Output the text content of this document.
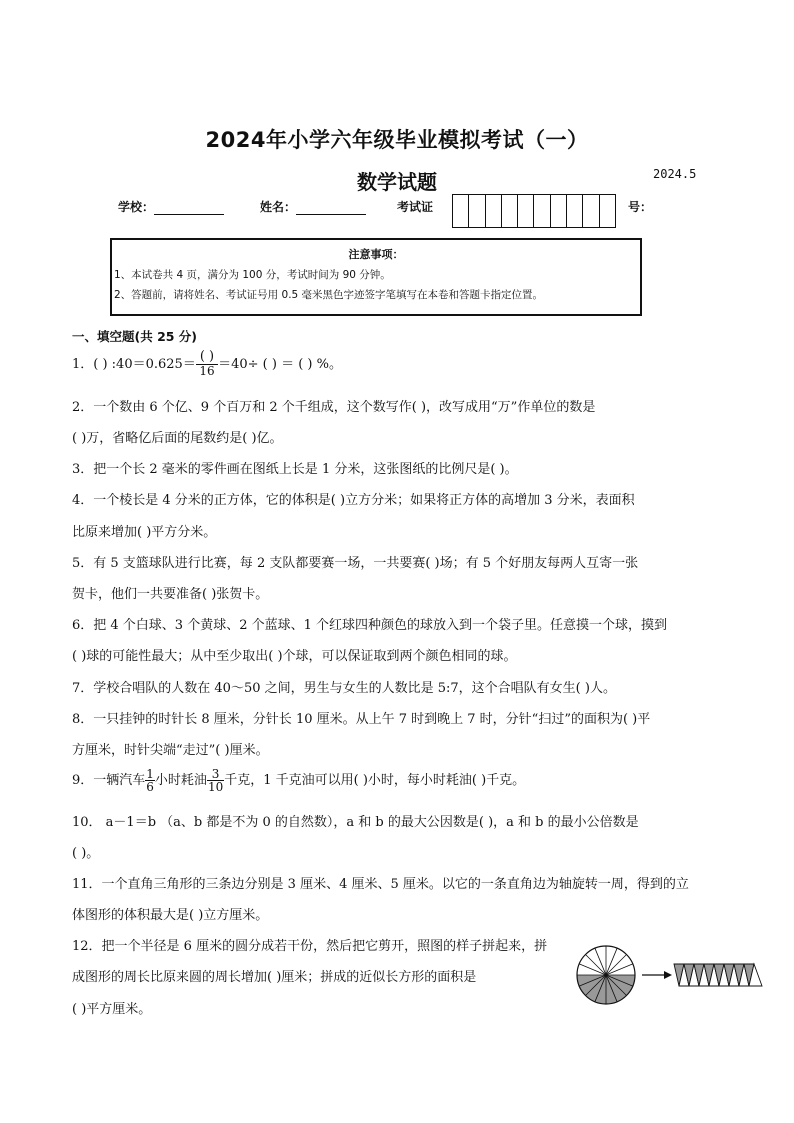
2024年小学六年级毕业模拟考试（一）
数学试题	2024.5
学校：	姓名：	考试证	号：
注意事项：
1、本试卷共 4 页，满分为 100 分，考试时间为 90 分钟。
2、答题前，请将姓名、考试证号用 0.5 毫米黑色字迹签字笔填写在本卷和答题卡指定位置。
一、填空题(共 25 分)
1．( ) :40＝0.625＝
( )
16 ＝40÷ ( ) ＝ ( ) %。
2．一个数由 6 个亿、9 个百万和 2 个千组成，这个数写作( )，改写成用“万”作单位的数是
( )万，省略亿后面的尾数约是( )亿。
3．把一个长 2 毫米的零件画在图纸上长是 1 分米，这张图纸的比例尺是( )。
4．一个棱长是 4 分米的正方体，它的体积是( )立方分米；如果将正方体的高增加 3 分米，表面积
比原来增加( )平方分米。
5．有 5 支篮球队进行比赛，每 2 支队都要赛一场，一共要赛( )场；有 5 个好朋友每两人互寄一张
贺卡，他们一共要准备( )张贺卡。
6．把 4 个白球、3 个黄球、2 个蓝球、1 个红球四种颜色的球放入到一个袋子里。任意摸一个球，摸到
( )球的可能性最大；从中至少取出( )个球，可以保证取到两个颜色相同的球。
7．学校合唱队的人数在 40～50 之间，男生与女生的人数比是 5:7，这个合唱队有女生( )人。
8．一只挂钟的时针长 8 厘米，分针长 10 厘米。从上午 7 时到晚上 7 时，分针“扫过”的面积为( )平
方厘米，时针尖端“走过”( )厘米。
9．一辆汽车 $\frac{1}{6}$ 小时耗油 $\frac{3}{10}$ 千克，1 千克油可以用( )小时，每小时耗油( )千克。
10． a－1＝b （a、b 都是不为 0 的自然数），a 和 b 的最大公因数是( )，a 和 b 的最小公倍数是
( )。
11．一个直角三角形的三条边分别是 3 厘米、4 厘米、5 厘米。以它的一条直角边为轴旋转一周，得到的立
体图形的体积最大是( )立方厘米。
12．把一个半径是 6 厘米的圆分成若干份，然后把它剪开，照图的样子拼起来，拼
成图形的周长比原来圆的周长增加( )厘米；拼成的近似长方形的面积是
( )平方厘米。
